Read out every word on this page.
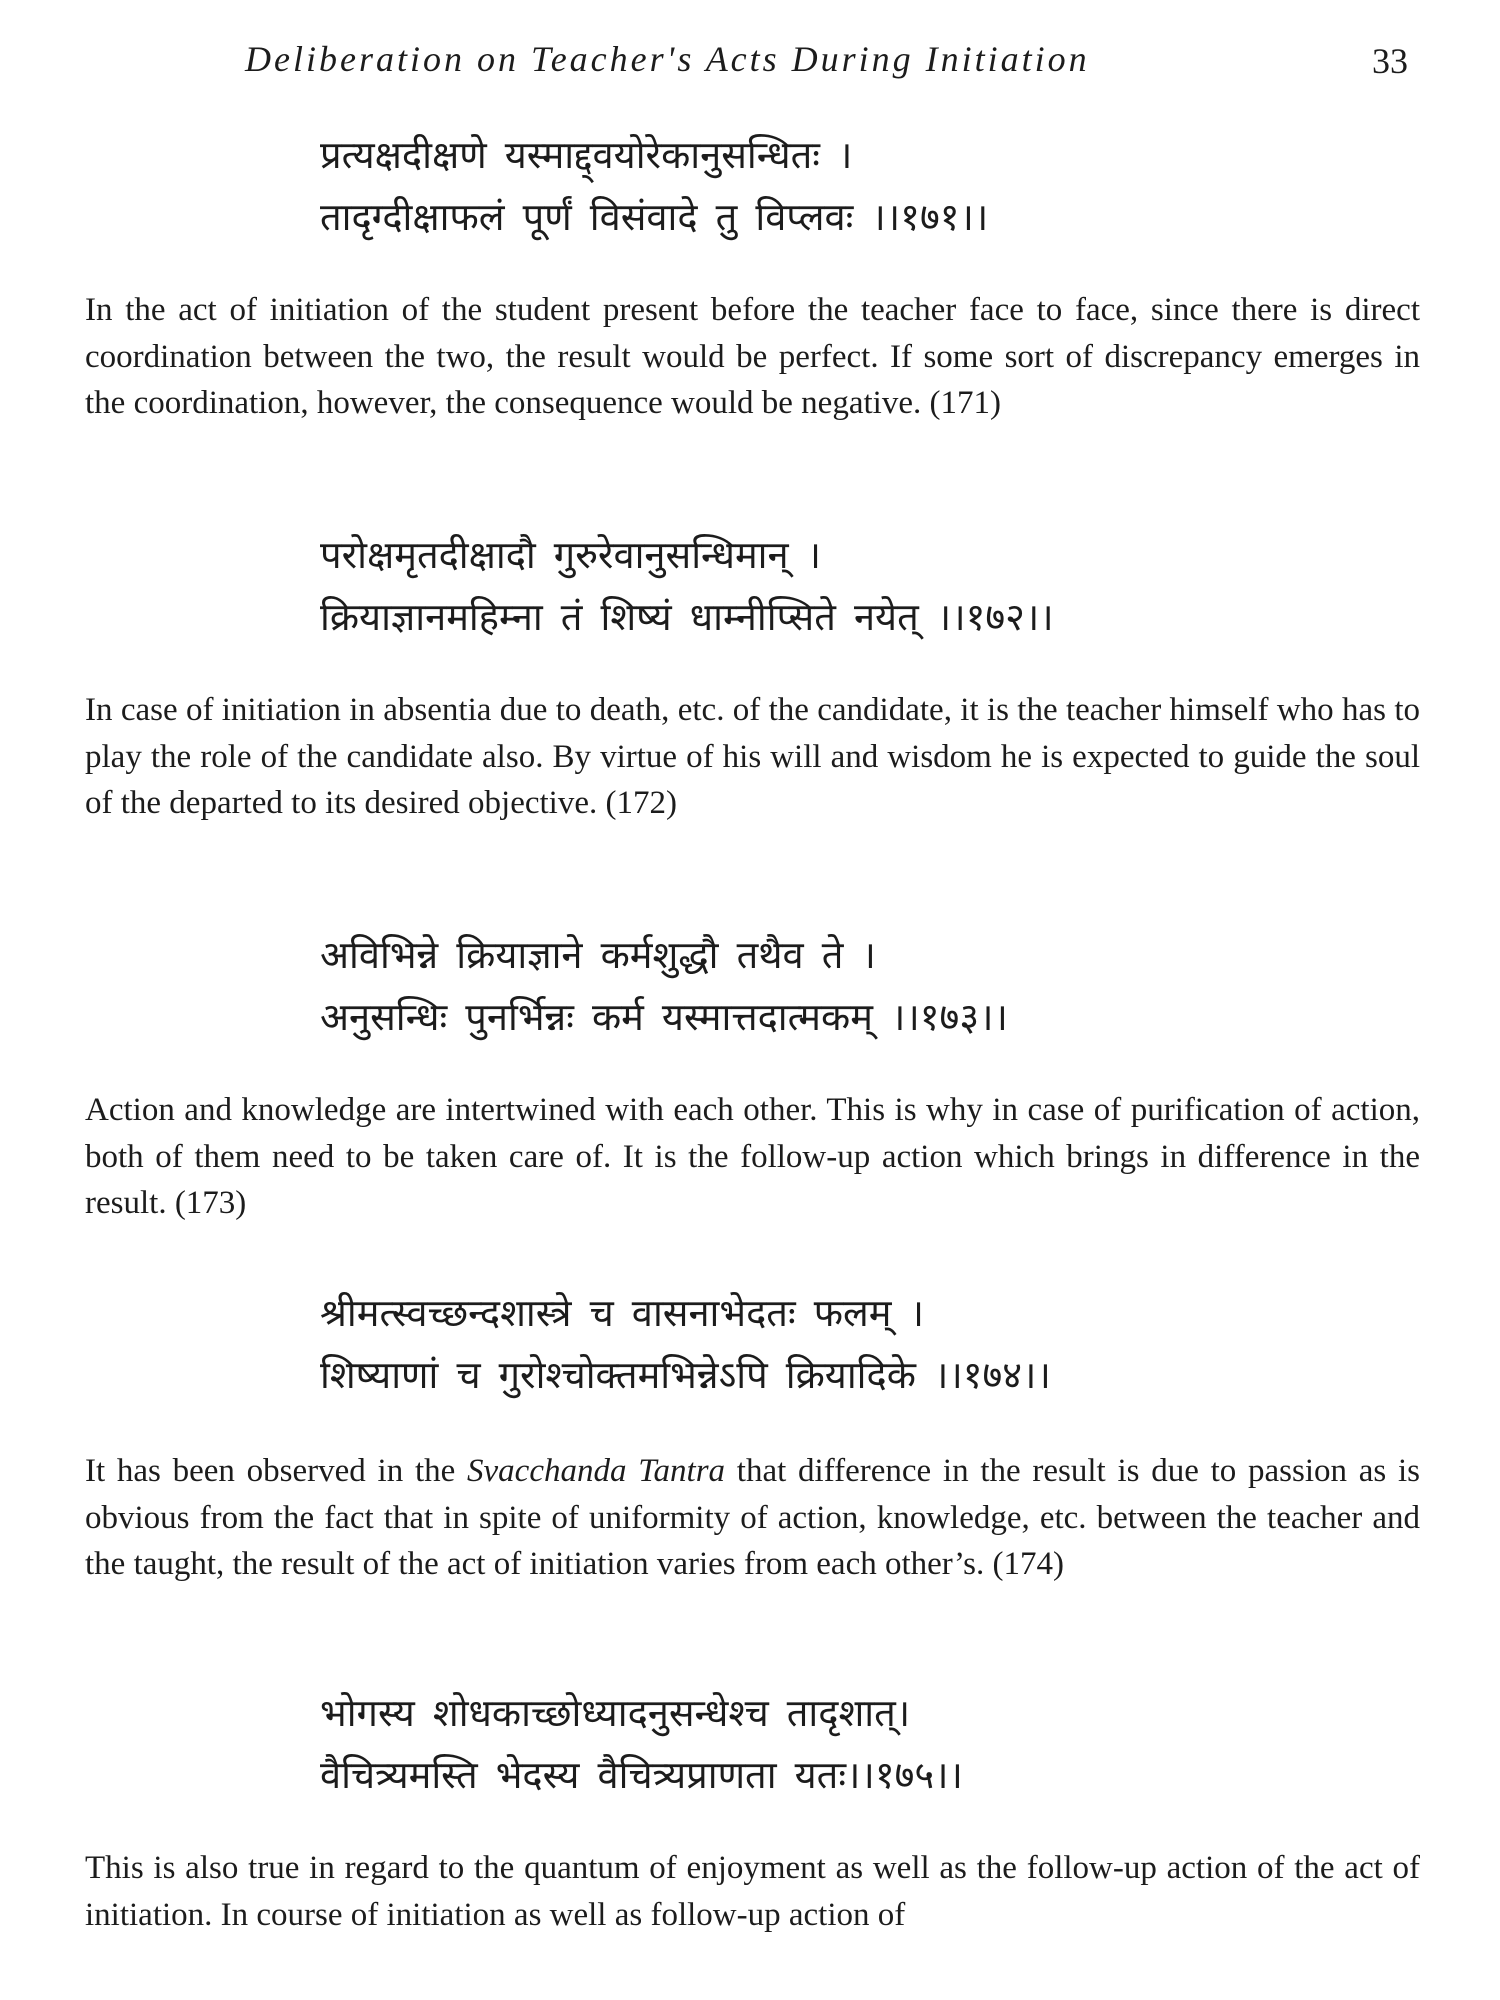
Deliberation on Teacher's Acts During Initiation	33
प्रत्यक्षदीक्षणे यस्माद्द्वयोरेकानुसन्धितः ।
तादृग्दीक्षाफलं पूर्णं विसंवादे तु विप्लवः ।।१७१।।
In the act of initiation of the student present before the teacher face to face, since there is direct coordination between the two, the result would be perfect. If some sort of discrepancy emerges in the coordination, however, the consequence would be negative. (171)
परोक्षमृतदीक्षादौ गुरुरेवानुसन्धिमान् ।
क्रियाज्ञानमहिम्ना तं शिष्यं धाम्नीप्सिते नयेत् ।।१७२।।
In case of initiation in absentia due to death, etc. of the candidate, it is the teacher himself who has to play the role of the candidate also. By virtue of his will and wisdom he is expected to guide the soul of the departed to its desired objective. (172)
अविभिन्ने क्रियाज्ञाने कर्मशुद्धौ तथैव ते ।
अनुसन्धिः पुनर्भिन्नः कर्म यस्मात्तदात्मकम् ।।१७३।।
Action and knowledge are intertwined with each other. This is why in case of purification of action, both of them need to be taken care of. It is the follow-up action which brings in difference in the result. (173)
श्रीमत्स्वच्छन्दशास्त्रे च वासनाभेदतः फलम् ।
शिष्याणां च गुरोश्चोक्तमभिन्नेऽपि क्रियादिके ।।१७४।।
It has been observed in the Svacchanda Tantra that difference in the result is due to passion as is obvious from the fact that in spite of uniformity of action, knowledge, etc. between the teacher and the taught, the result of the act of initiation varies from each other’s. (174)
भोगस्य शोधकाच्छोध्यादनुसन्धेश्च तादृशात्।
वैचित्र्यमस्ति भेदस्य वैचित्र्यप्राणता यतः।।१७५।।
This is also true in regard to the quantum of enjoyment as well as the follow-up action of the act of initiation. In course of initiation as well as follow-up action of
